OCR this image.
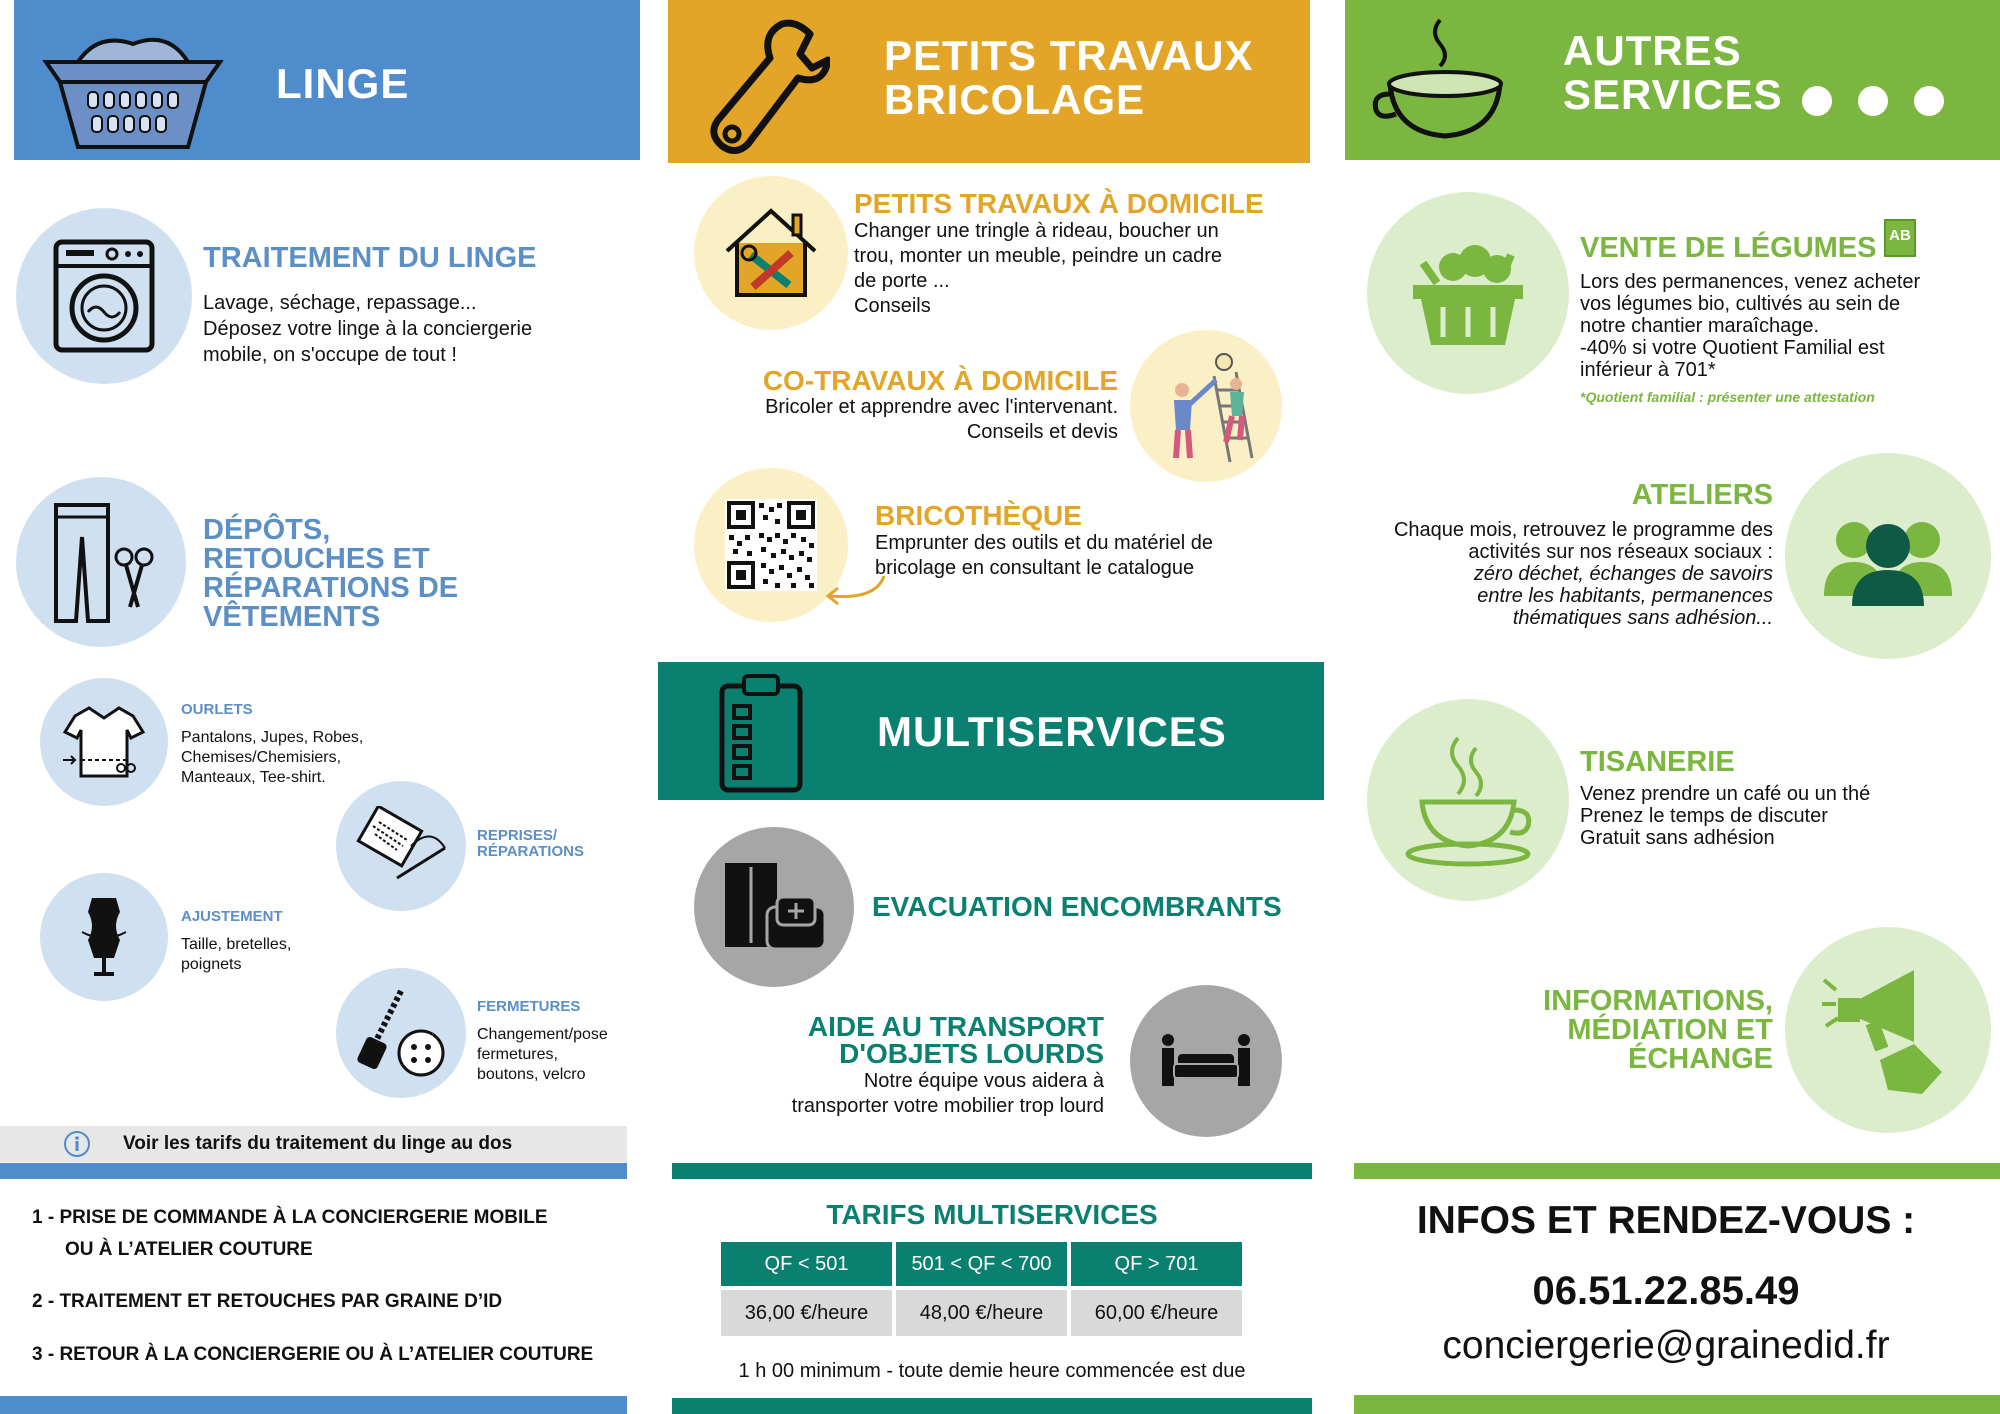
LINGE
TRAITEMENT DU LINGE
Lavage, séchage, repassage...
Déposez votre linge à la conciergerie
mobile, on s'occupe de tout !
DÉPÔTS,
RETOUCHES ET
RÉPARATIONS DE
VÊTEMENTS
OURLETS
Pantalons, Jupes, Robes,
Chemises/Chemisiers,
Manteaux, Tee-shirt.
REPRISES/
RÉPARATIONS
AJUSTEMENT
Taille, bretelles,
poignets
FERMETURES
Changement/pose
fermetures,
boutons, velcro
Voir les tarifs du traitement du linge au dos
1 - PRISE DE COMMANDE À LA CONCIERGERIE MOBILE
OU À L’ATELIER COUTURE
2 - TRAITEMENT ET RETOUCHES PAR GRAINE D’ID
3 - RETOUR À LA CONCIERGERIE OU À L’ATELIER COUTURE
PETITS TRAVAUX
BRICOLAGE
PETITS TRAVAUX À DOMICILE
Changer une tringle à rideau, boucher un
trou, monter un meuble, peindre un cadre
de porte ...
Conseils
CO-TRAVAUX À DOMICILE
Bricoler et apprendre avec l'intervenant.
Conseils et devis
BRICOTHÈQUE
Emprunter des outils et du matériel de
bricolage en consultant le catalogue
MULTISERVICES
EVACUATION ENCOMBRANTS
AIDE AU TRANSPORT
D'OBJETS LOURDS
Notre équipe vous aidera à
transporter votre mobilier trop lourd
TARIFS MULTISERVICES
QF < 501	501 < QF < 700	QF > 701
36,00 €/heure	48,00 €/heure	60,00 €/heure
1 h 00 minimum - toute demie heure commencée est due
AUTRES
SERVICES
VENTE DE LÉGUMES AB
Lors des permanences, venez acheter
vos légumes bio, cultivés au sein de
notre chantier maraîchage.
-40% si votre Quotient Familial est
inférieur à 701*
*Quotient familial : présenter une attestation
ATELIERS
Chaque mois, retrouvez le programme des
activités sur nos réseaux sociaux :
zéro déchet, échanges de savoirs
entre les habitants, permanences
thématiques sans adhésion...
TISANERIE
Venez prendre un café ou un thé
Prenez le temps de discuter
Gratuit sans adhésion
INFORMATIONS,
MÉDIATION ET
ÉCHANGE
INFOS ET RENDEZ-VOUS :
06.51.22.85.49
conciergerie@grainedid.fr
